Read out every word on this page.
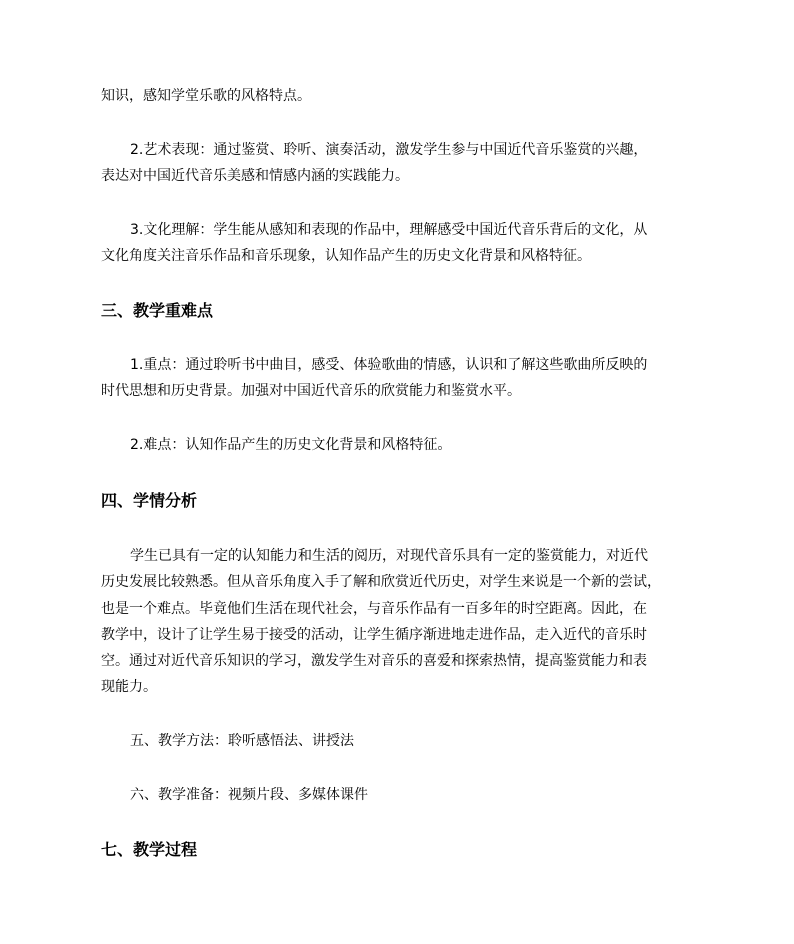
知识，感知学堂乐歌的风格特点。
2.艺术表现：通过鉴赏、聆听、演奏活动，激发学生参与中国近代音乐鉴赏的兴趣，
表达对中国近代音乐美感和情感内涵的实践能力。
3.文化理解：学生能从感知和表现的作品中，理解感受中国近代音乐背后的文化，从
文化角度关注音乐作品和音乐现象，认知作品产生的历史文化背景和风格特征。
三、教学重难点
1.重点：通过聆听书中曲目，感受、体验歌曲的情感，认识和了解这些歌曲所反映的
时代思想和历史背景。加强对中国近代音乐的欣赏能力和鉴赏水平。
2.难点：认知作品产生的历史文化背景和风格特征。
四、学情分析
学生已具有一定的认知能力和生活的阅历，对现代音乐具有一定的鉴赏能力，对近代
历史发展比较熟悉。但从音乐角度入手了解和欣赏近代历史，对学生来说是一个新的尝试，
也是一个难点。毕竟他们生活在现代社会，与音乐作品有一百多年的时空距离。因此，在
教学中，设计了让学生易于接受的活动，让学生循序渐进地走进作品，走入近代的音乐时
空。通过对近代音乐知识的学习，激发学生对音乐的喜爱和探索热情，提高鉴赏能力和表
现能力。
五、教学方法：聆听感悟法、讲授法
六、教学准备：视频片段、多媒体课件
七、教学过程
